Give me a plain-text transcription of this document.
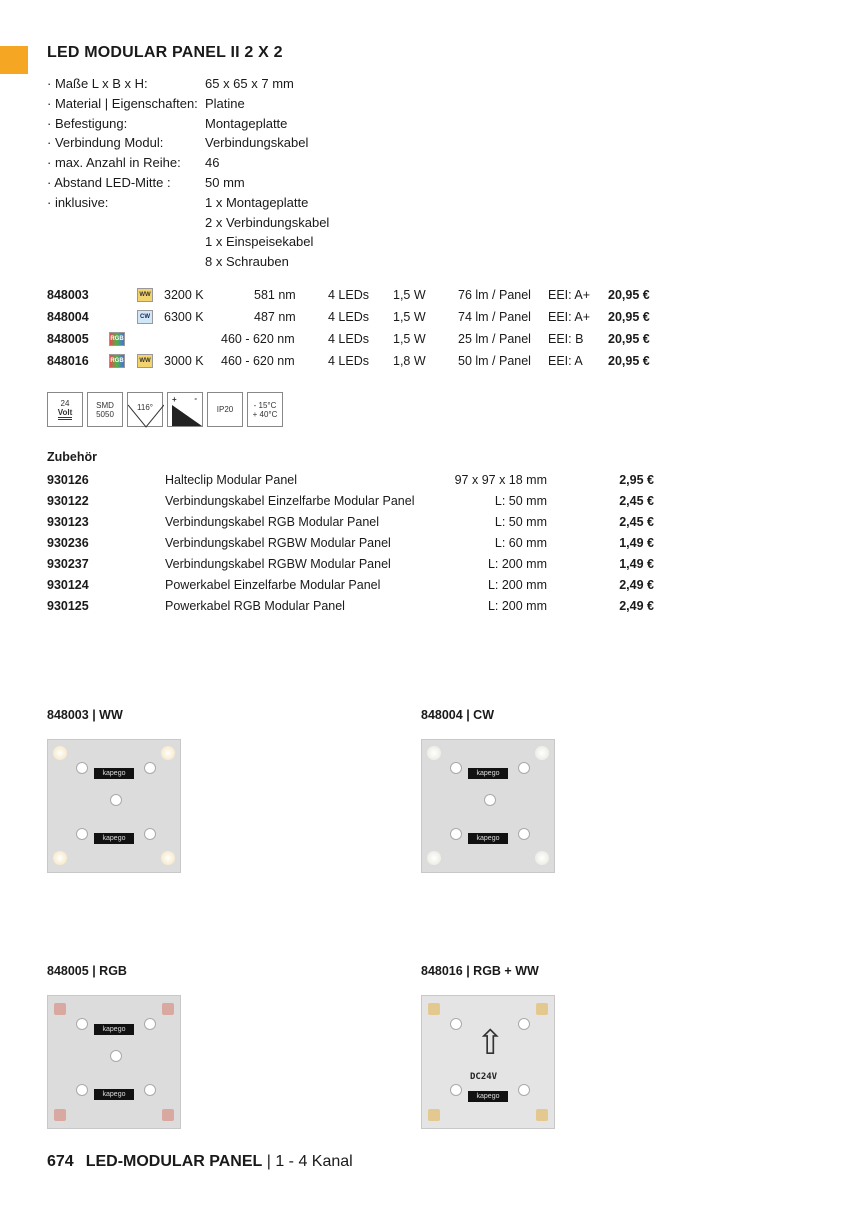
LED MODULAR PANEL II 2 X 2
· Maße L x B x H:	65 x 65 x 7 mm
· Material | Eigenschaften: Platine
· Befestigung:	Montageplatte
· Verbindung Modul:	Verbindungskabel
· max. Anzahl in Reihe:	46
· Abstand LED-Mitte :	50 mm
· inklusive:	1 x Montageplatte
2 x Verbindungskabel
1 x Einspeisekabel
8 x Schrauben
848003	WW 3200 K	581 nm	4 LEDs 1,5 W	76 lm / Panel EEI: A+ 20,95 €
848004	CW 6300 K	487 nm	4 LEDs 1,5 W	74 lm / Panel EEI: A+ 20,95 €
848005	RGB	460 - 620 nm	4 LEDs 1,5 W	25 lm / Panel EEI: B 20,95 €
848016	RGB	WW 3000 K 460 - 620 nm	4 LEDs 1,8 W	50 lm / Panel EEI: A 20,95 €
24
Volt
SMD
5050
116°
+ -
IP20	- 15°C
+ 40°C
Zubehör
930126	Halteclip Modular Panel	97 x 97 x 18 mm	2,95 €
930122	Verbindungskabel Einzelfarbe Modular Panel	L: 50 mm	2,45 €
930123	Verbindungskabel RGB Modular Panel	L: 50 mm	2,45 €
930236	Verbindungskabel RGBW Modular Panel	L: 60 mm	1,49 €
930237	Verbindungskabel RGBW Modular Panel	L: 200 mm	1,49 €
930124	Powerkabel Einzelfarbe Modular Panel	L: 200 mm	2,49 €
930125	Powerkabel RGB Modular Panel	L: 200 mm	2,49 €
848003 | WW
kapego
kapego
848004 | CW
kapego
kapego
848005 | RGB
kapego
kapego
848016 | RGB + WW
⇧
DC24V
kapego
674 LED-MODULAR PANEL | 1 - 4 Kanal
